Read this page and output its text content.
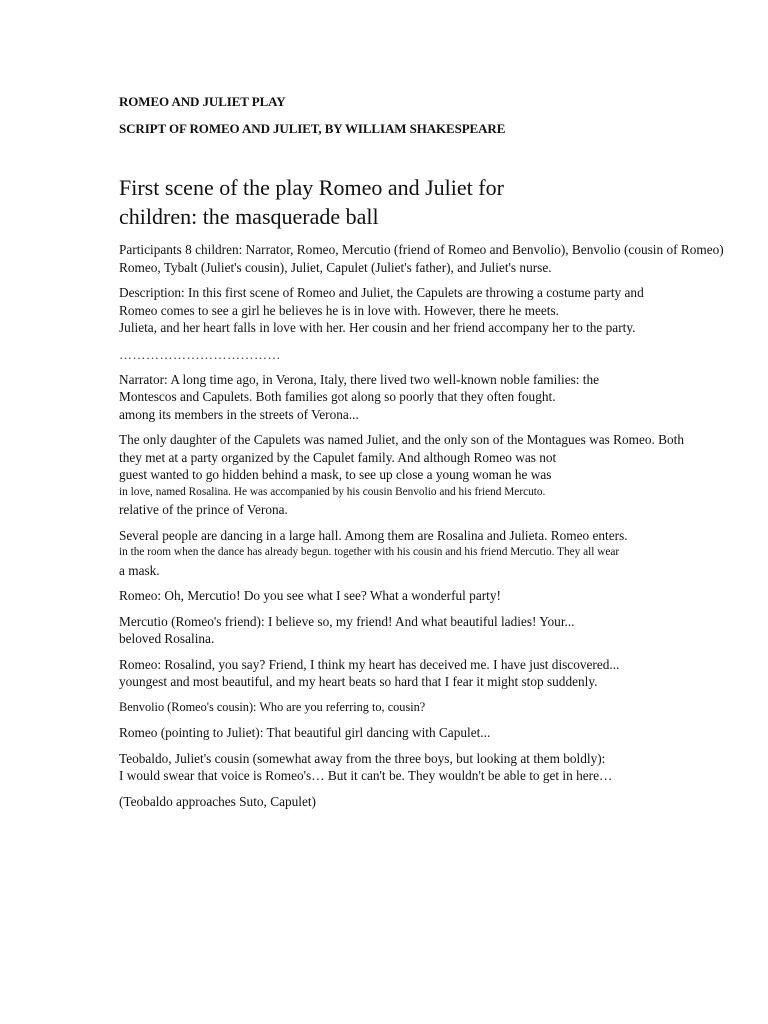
ROMEO AND JULIET PLAY

SCRIPT OF ROMEO AND JULIET, BY WILLIAM SHAKESPEARE

First scene of the play Romeo and Juliet for
children: the masquerade ball

Participants 8 children: Narrator, Romeo, Mercutio (friend of Romeo and Benvolio), Benvolio (cousin of Romeo)
Romeo, Tybalt (Juliet's cousin), Juliet, Capulet (Juliet's father), and Juliet's nurse.

Description: In this first scene of Romeo and Juliet, the Capulets are throwing a costume party and
Romeo comes to see a girl he believes he is in love with. However, there he meets.
Julieta, and her heart falls in love with her. Her cousin and her friend accompany her to the party.

………………………………

Narrator: A long time ago, in Verona, Italy, there lived two well-known noble families: the
Montescos and Capulets. Both families got along so poorly that they often fought.
among its members in the streets of Verona...

The only daughter of the Capulets was named Juliet, and the only son of the Montagues was Romeo. Both
they met at a party organized by the Capulet family. And although Romeo was not
guest wanted to go hidden behind a mask, to see up close a young woman he was
in love, named Rosalina. He was accompanied by his cousin Benvolio and his friend Mercuto.
relative of the prince of Verona.

Several people are dancing in a large hall. Among them are Rosalina and Julieta. Romeo enters.
in the room when the dance has already begun. together with his cousin and his friend Mercutio. They all wear
a mask.

Romeo: Oh, Mercutio! Do you see what I see? What a wonderful party!

Mercutio (Romeo's friend): I believe so, my friend! And what beautiful ladies! Your...
beloved Rosalina.

Romeo: Rosalind, you say? Friend, I think my heart has deceived me. I have just discovered...
youngest and most beautiful, and my heart beats so hard that I fear it might stop suddenly.

Benvolio (Romeo's cousin): Who are you referring to, cousin?

Romeo (pointing to Juliet): That beautiful girl dancing with Capulet...

Teobaldo, Juliet's cousin (somewhat away from the three boys, but looking at them boldly):
I would swear that voice is Romeo's… But it can't be. They wouldn't be able to get in here…

(Teobaldo approaches Suto, Capulet)
